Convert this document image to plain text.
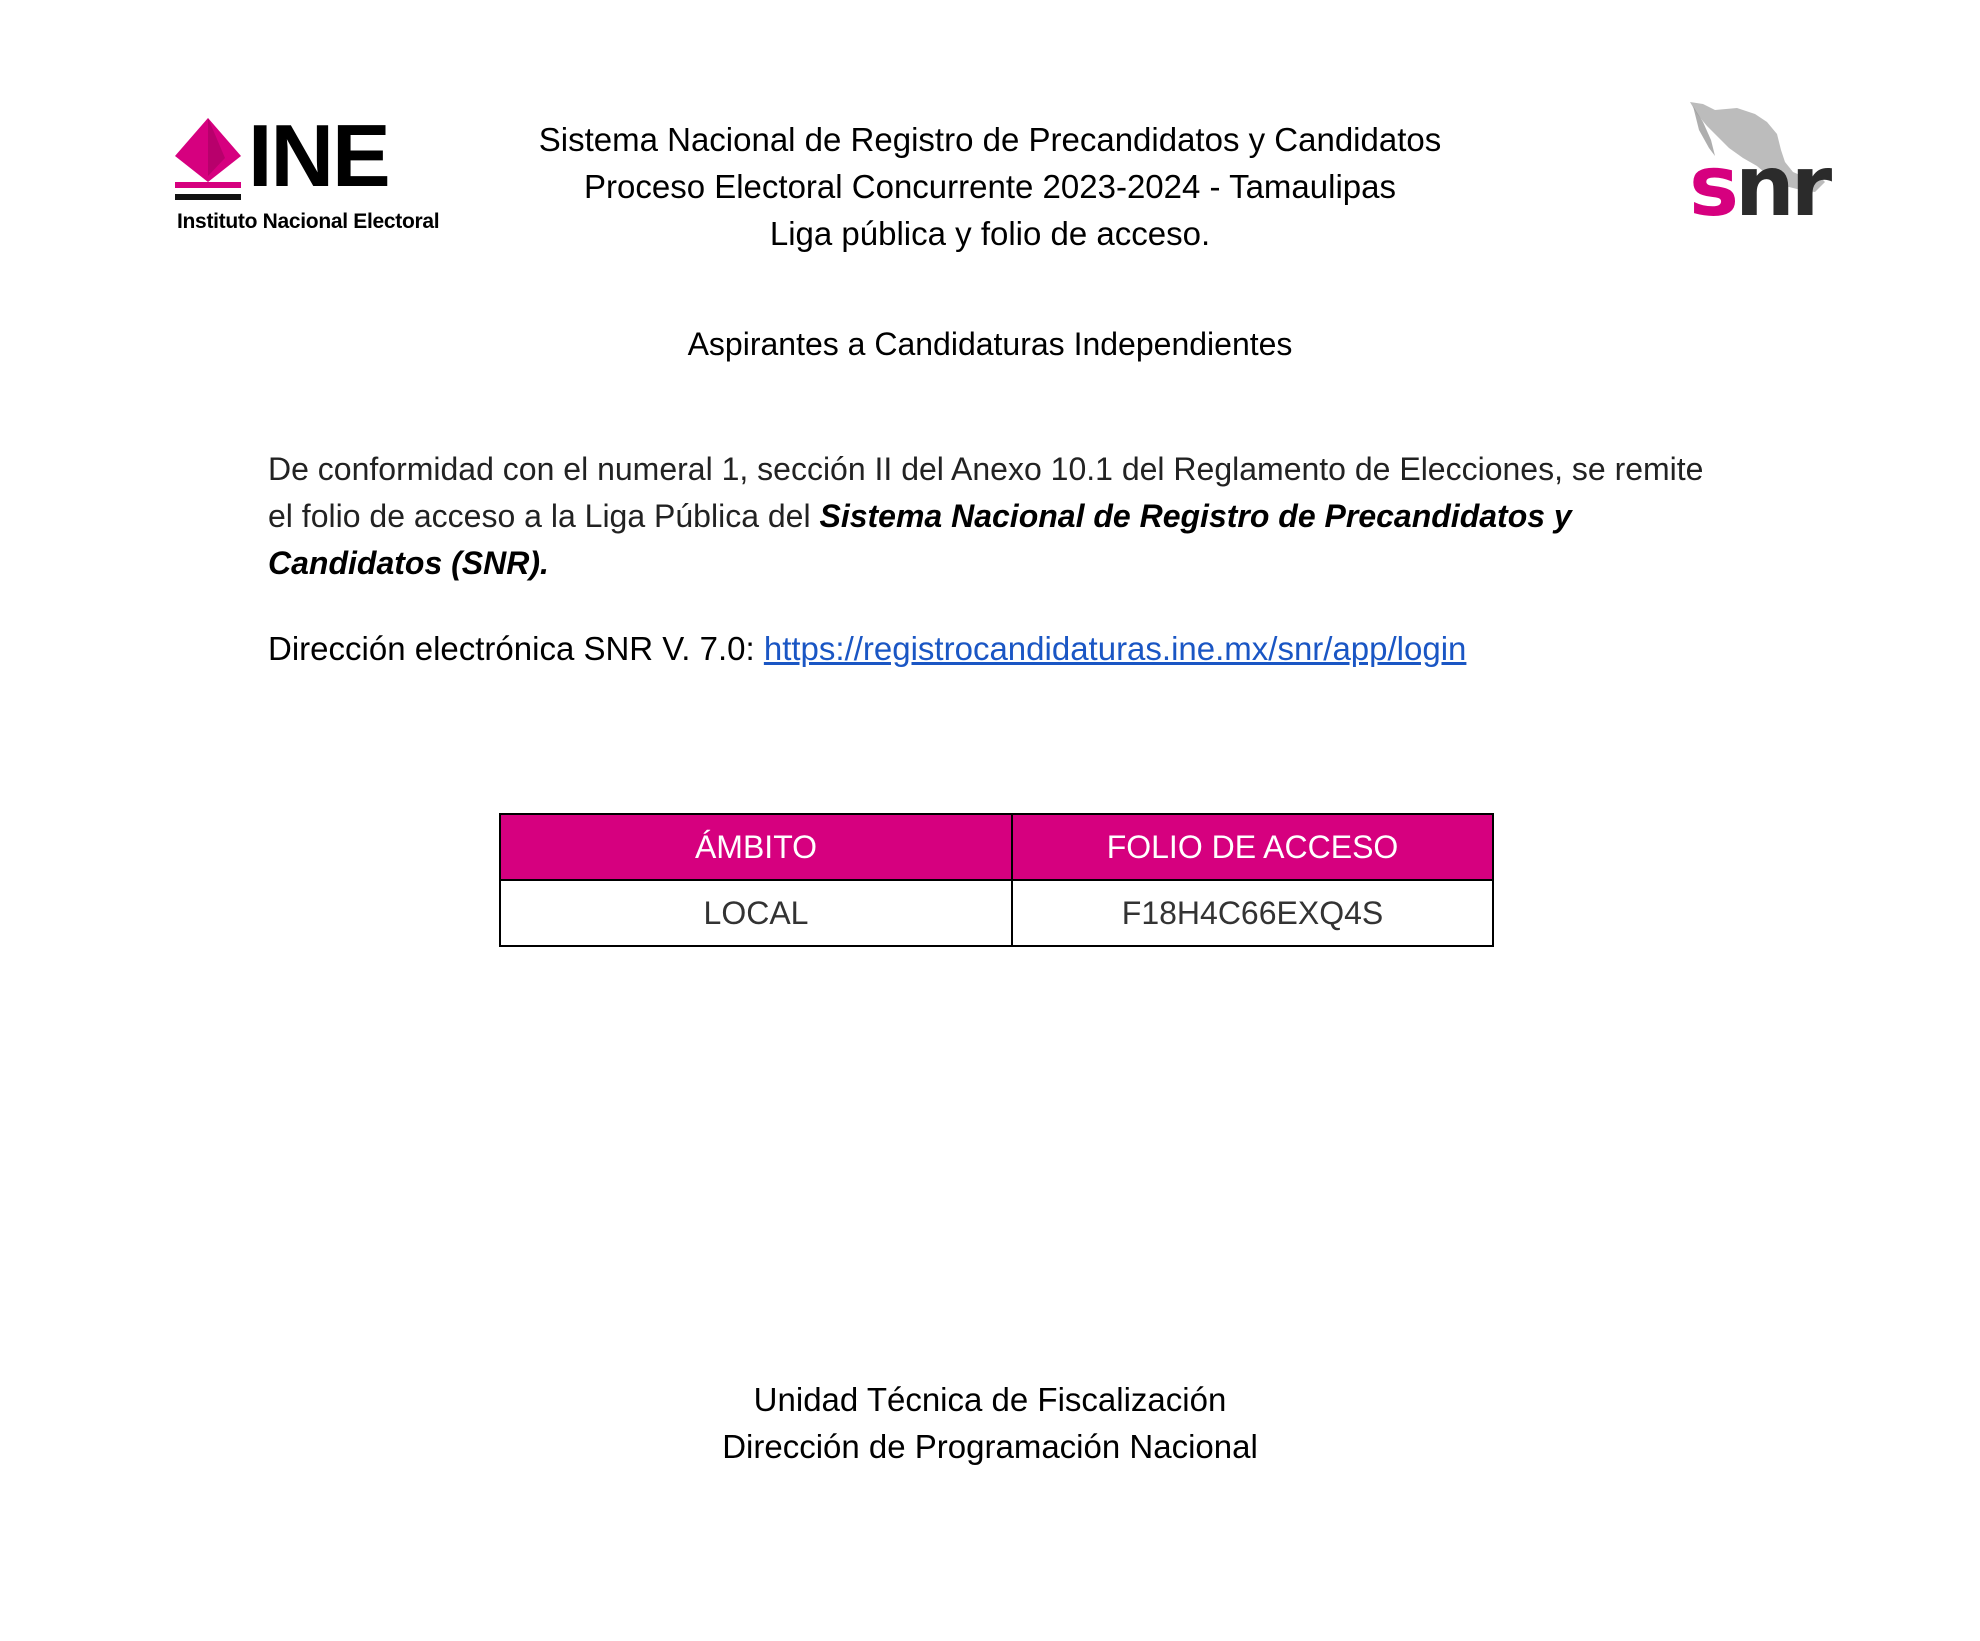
INE
Instituto Nacional Electoral	snr
Sistema Nacional de Registro de Precandidatos y Candidatos
Proceso Electoral Concurrente 2023-2024 - Tamaulipas
Liga pública y folio de acceso.
Aspirantes a Candidaturas Independientes
De conformidad con el numeral 1, sección II del Anexo 10.1 del Reglamento de Elecciones, se remite el folio de acceso a la Liga Pública del Sistema Nacional de Registro de Precandidatos y Candidatos (SNR).
Dirección electrónica SNR V. 7.0: https://registrocandidaturas.ine.mx/snr/app/login
ÁMBITO	FOLIO DE ACCESO
LOCAL	F18H4C66EXQ4S
Unidad Técnica de Fiscalización
Dirección de Programación Nacional
